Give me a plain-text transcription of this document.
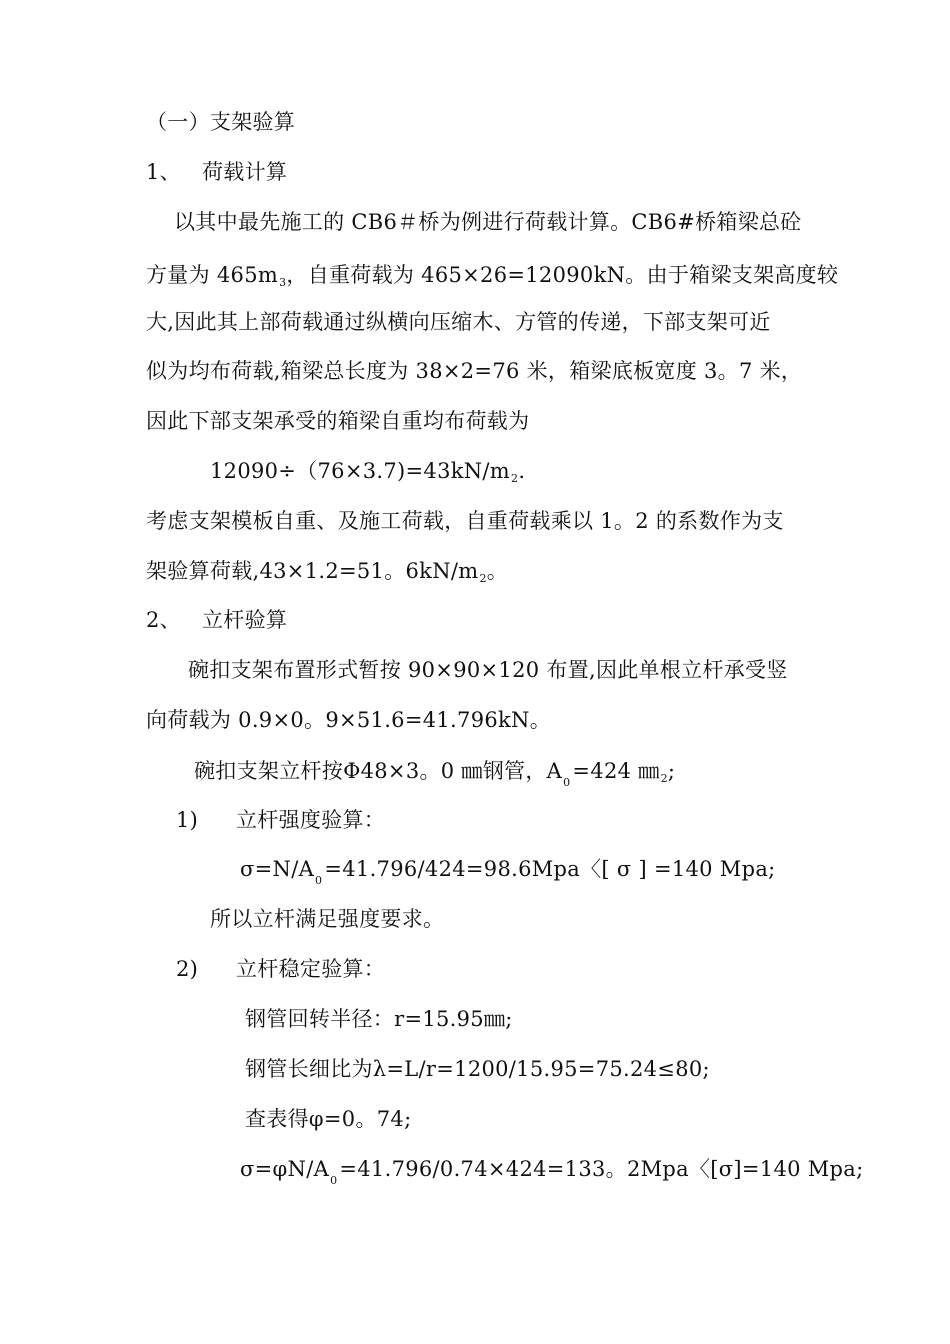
（一）支架验算
1、 荷载计算
以其中最先施工的 CB6＃桥为例进行荷载计算。CB6#桥箱梁总砼
方量为 465m3，自重荷载为 465×26=12090kN。由于箱梁支架高度较
大,因此其上部荷载通过纵横向压缩木、方管的传递，下部支架可近
似为均布荷载,箱梁总长度为 38×2=76 米，箱梁底板宽度 3。7 米，
因此下部支架承受的箱梁自重均布荷载为
12090÷（76×3.7)=43kN/m2.
考虑支架模板自重、及施工荷载，自重荷载乘以 1。2 的系数作为支
架验算荷载,43×1.2=51。6kN/m2。
2、 立杆验算
碗扣支架布置形式暂按 90×90×120 布置,因此单根立杆承受竖
向荷载为 0.9×0。9×51.6=41.796kN。
碗扣支架立杆按Φ48×3。0 ㎜钢管，$A_0=424$ ㎜2;
1) 立杆强度验算：
$\sigma=N/A_0=41.796/424=98.6Mpa$〈[ σ ] =140 Mpa;
所以立杆满足强度要求。
2) 立杆稳定验算：
钢管回转半径：r=15.95㎜;
钢管长细比为λ=L/r=1200/15.95=75.24≤80;
查表得φ=0。74;
$\sigma=\varphi N/A_0=41.796/0.74\times 424=133$。2Mpa〈[σ]=140 Mpa;
